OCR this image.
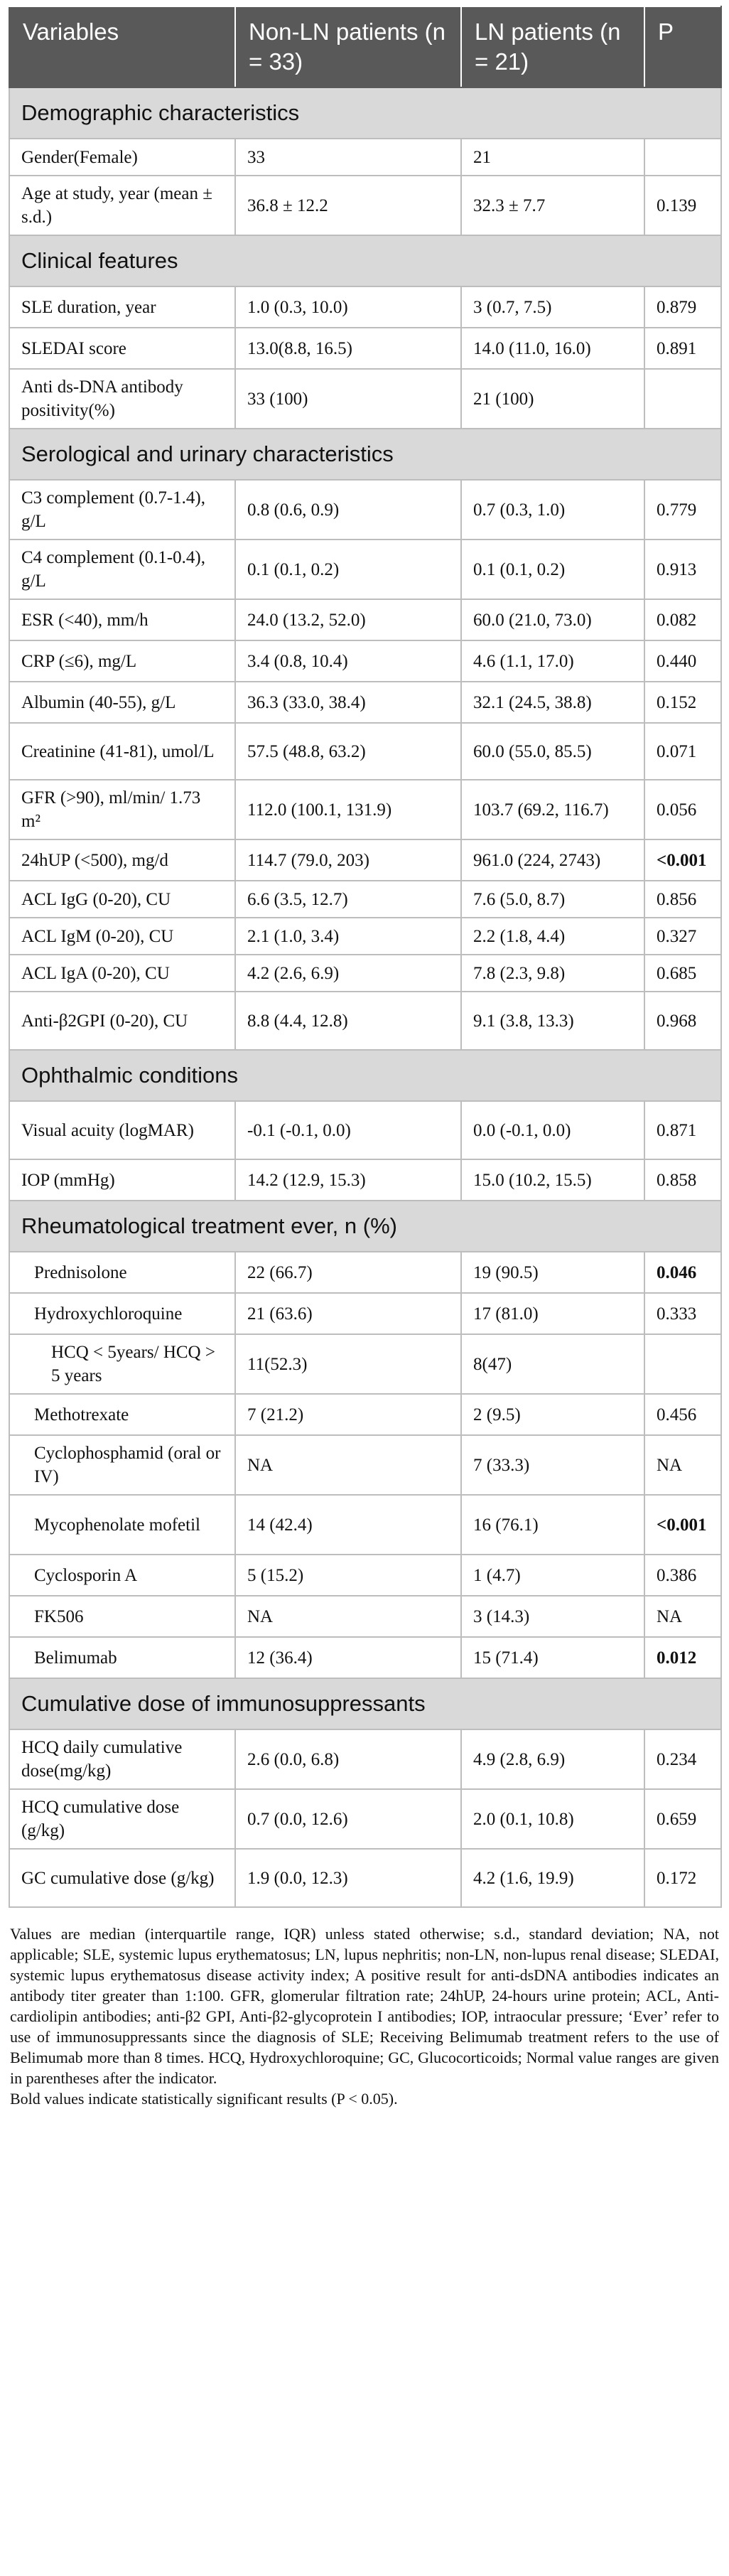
Variables	Non-LN patients (n = 33)	LN patients (n = 21)	P
Demographic characteristics			
Gender(Female)	33	21	
Age at study, year (mean ± s.d.)	36.8 ± 12.2	32.3 ± 7.7	0.139
Clinical features			
SLE duration, year	1.0 (0.3, 10.0)	3 (0.7, 7.5)	0.879
SLEDAI score	13.0(8.8, 16.5)	14.0 (11.0, 16.0)	0.891
Anti ds-DNA antibody positivity(%)	33 (100)	21 (100)	
Serological and urinary characteristics			
C3 complement (0.7-1.4), g/L	0.8 (0.6, 0.9)	0.7 (0.3, 1.0)	0.779
C4 complement (0.1-0.4), g/L	0.1 (0.1, 0.2)	0.1 (0.1, 0.2)	0.913
ESR (<40), mm/h	24.0 (13.2, 52.0)	60.0 (21.0, 73.0)	0.082
CRP (≤6), mg/L	3.4 (0.8, 10.4)	4.6 (1.1, 17.0)	0.440
Albumin (40-55), g/L	36.3 (33.0, 38.4)	32.1 (24.5, 38.8)	0.152
Creatinine (41-81), umol/L	57.5 (48.8, 63.2)	60.0 (55.0, 85.5)	0.071
GFR (>90), ml/min/ 1.73 m²	112.0 (100.1, 131.9)	103.7 (69.2, 116.7)	0.056
24hUP (<500), mg/d	114.7 (79.0, 203)	961.0 (224, 2743)	<0.001
ACL IgG (0-20), CU	6.6 (3.5, 12.7)	7.6 (5.0, 8.7)	0.856
ACL IgM (0-20), CU	2.1 (1.0, 3.4)	2.2 (1.8, 4.4)	0.327
ACL IgA (0-20), CU	4.2 (2.6, 6.9)	7.8 (2.3, 9.8)	0.685
Anti-β2GPI (0-20), CU	8.8 (4.4, 12.8)	9.1 (3.8, 13.3)	0.968
Ophthalmic conditions			
Visual acuity (logMAR)	-0.1 (-0.1, 0.0)	0.0 (-0.1, 0.0)	0.871
IOP (mmHg)	14.2 (12.9, 15.3)	15.0 (10.2, 15.5)	0.858
Rheumatological treatment ever, n (%)			
Prednisolone	22 (66.7)	19 (90.5)	0.046
Hydroxychloroquine	21 (63.6)	17 (81.0)	0.333
HCQ < 5years/ HCQ > 5 years	11(52.3)	8(47)	
Methotrexate	7 (21.2)	2 (9.5)	0.456
Cyclophosphamid (oral or IV)	NA	7 (33.3)	NA
Mycophenolate mofetil	14 (42.4)	16 (76.1)	<0.001
Cyclosporin A	5 (15.2)	1 (4.7)	0.386
FK506	NA	3 (14.3)	NA
Belimumab	12 (36.4)	15 (71.4)	0.012
Cumulative dose of immunosuppressants			
HCQ daily cumulative dose(mg/kg)	2.6 (0.0, 6.8)	4.9 (2.8, 6.9)	0.234
HCQ cumulative dose (g/kg)	0.7 (0.0, 12.6)	2.0 (0.1, 10.8)	0.659
GC cumulative dose (g/kg)	1.9 (0.0, 12.3)	4.2 (1.6, 19.9)	0.172

Values are median (interquartile range, IQR) unless stated otherwise; s.d., standard deviation; NA, not applicable; SLE, systemic lupus erythematosus; LN, lupus nephritis; non-LN, non-lupus renal disease; SLEDAI, systemic lupus erythematosus disease activity index; A positive result for anti-dsDNA antibodies indicates an antibody titer greater than 1:100. GFR, glomerular filtration rate; 24hUP, 24-hours urine protein; ACL, Anti-cardiolipin antibodies; anti-β2 GPI, Anti-β2-glycoprotein I antibodies; IOP, intraocular pressure; ‘Ever’ refer to use of immunosuppressants since the diagnosis of SLE; Receiving Belimumab treatment refers to the use of Belimumab more than 8 times. HCQ, Hydroxychloroquine; GC, Glucocorticoids; Normal value ranges are given in parentheses after the indicator.

Bold values indicate statistically significant results (P < 0.05).
